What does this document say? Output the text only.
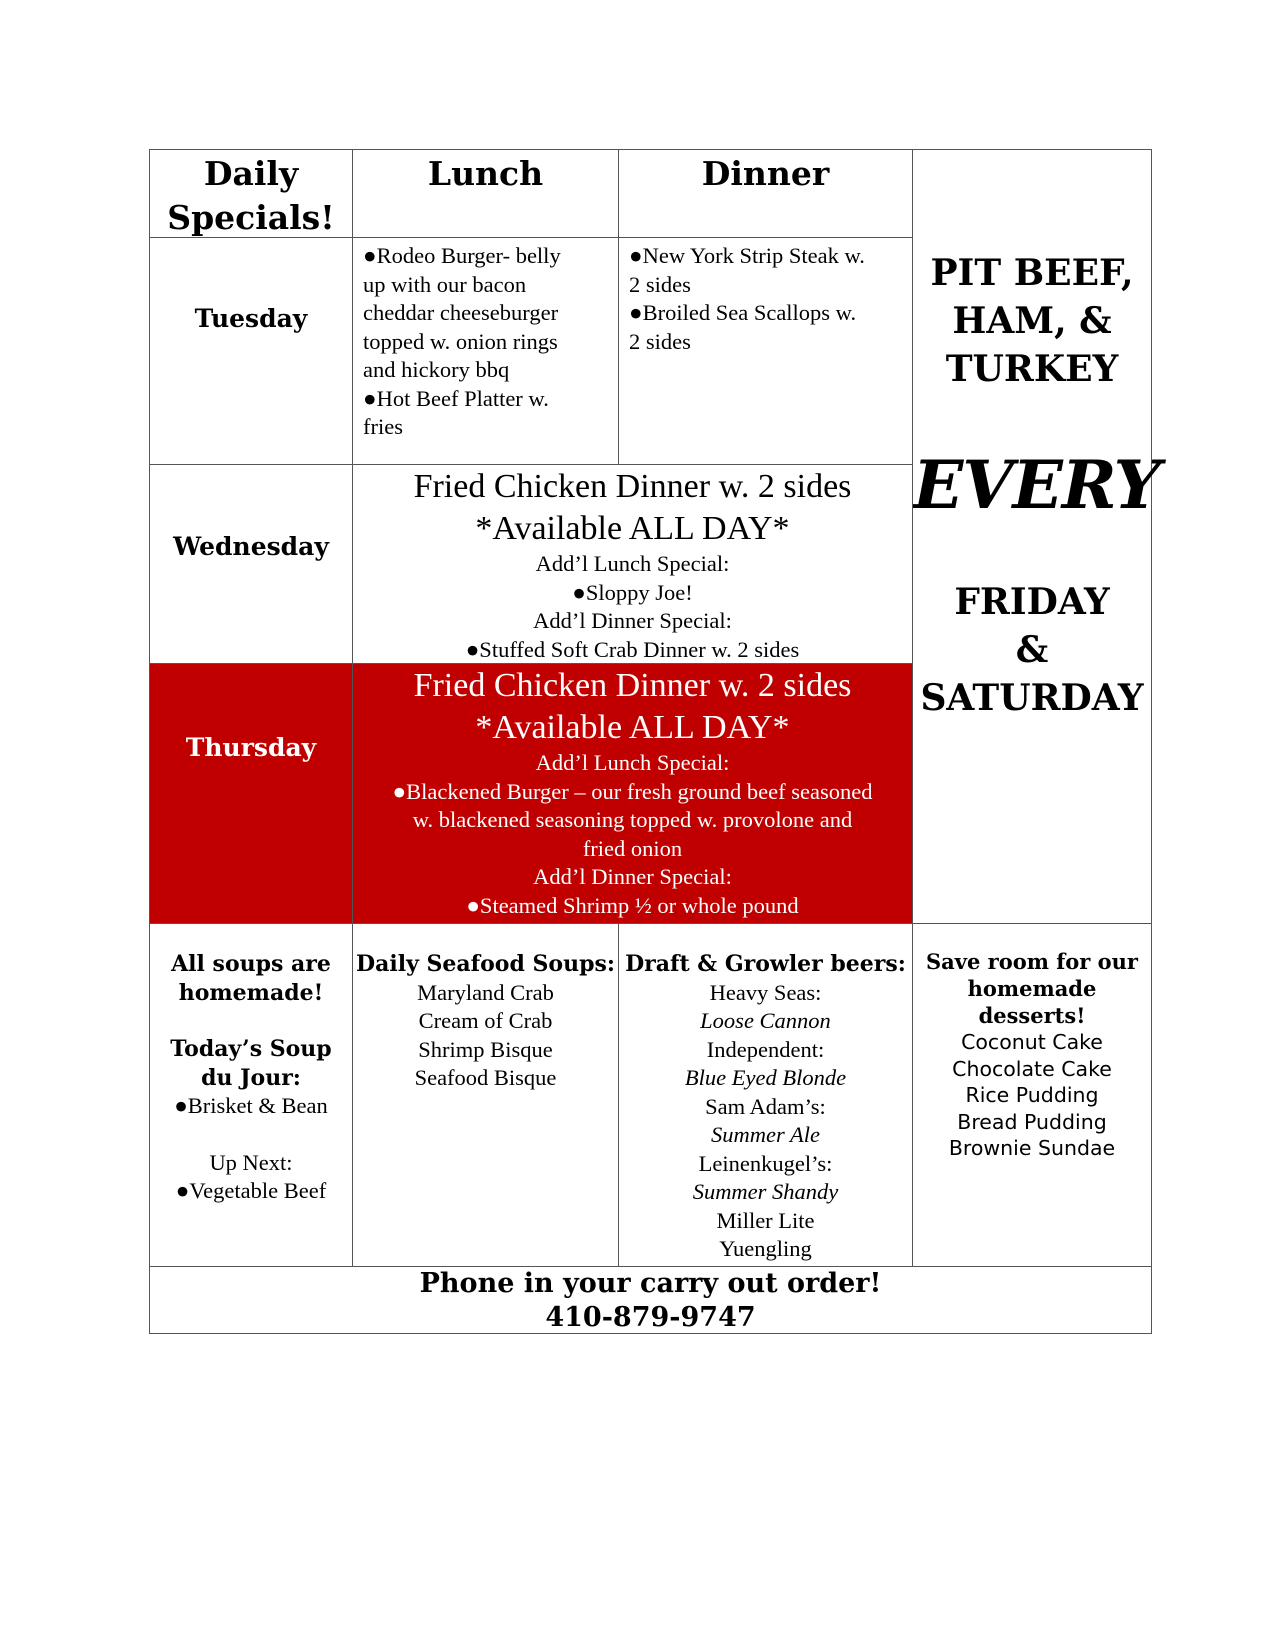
Daily
Specials!
Lunch	Dinner
PIT BEEF,
HAM, &
TURKEY
EVERY
FRIDAY
&
SATURDAY
Tuesday
●Rodeo Burger- belly
up with our bacon
cheddar cheeseburger
topped w. onion rings
and hickory bbq
●Hot Beef Platter w.
fries
●New York Strip Steak w.
2 sides
●Broiled Sea Scallops w.
2 sides
Wednesday
Fried Chicken Dinner w. 2 sides
*Available ALL DAY*
Add’l Lunch Special:
●Sloppy Joe!
Add’l Dinner Special:
●Stuffed Soft Crab Dinner w. 2 sides
Thursday
Fried Chicken Dinner w. 2 sides
*Available ALL DAY*
Add’l Lunch Special:
●Blackened Burger – our fresh ground beef seasoned
w. blackened seasoning topped w. provolone and
fried onion
Add’l Dinner Special:
●Steamed Shrimp ½ or whole pound
All soups are
homemade!
Today’s Soup
du Jour:
●Brisket & Bean
Up Next:
●Vegetable Beef
Daily Seafood Soups:
Maryland Crab
Cream of Crab
Shrimp Bisque
Seafood Bisque
Draft & Growler beers:
Heavy Seas:
Loose Cannon
Independent:
Blue Eyed Blonde
Sam Adam’s:
Summer Ale
Leinenkugel’s:
Summer Shandy
Miller Lite
Yuengling
Save room for our
homemade desserts!
Coconut Cake
Chocolate Cake
Rice Pudding
Bread Pudding
Brownie Sundae
Phone in your carry out order!
410-879-9747
